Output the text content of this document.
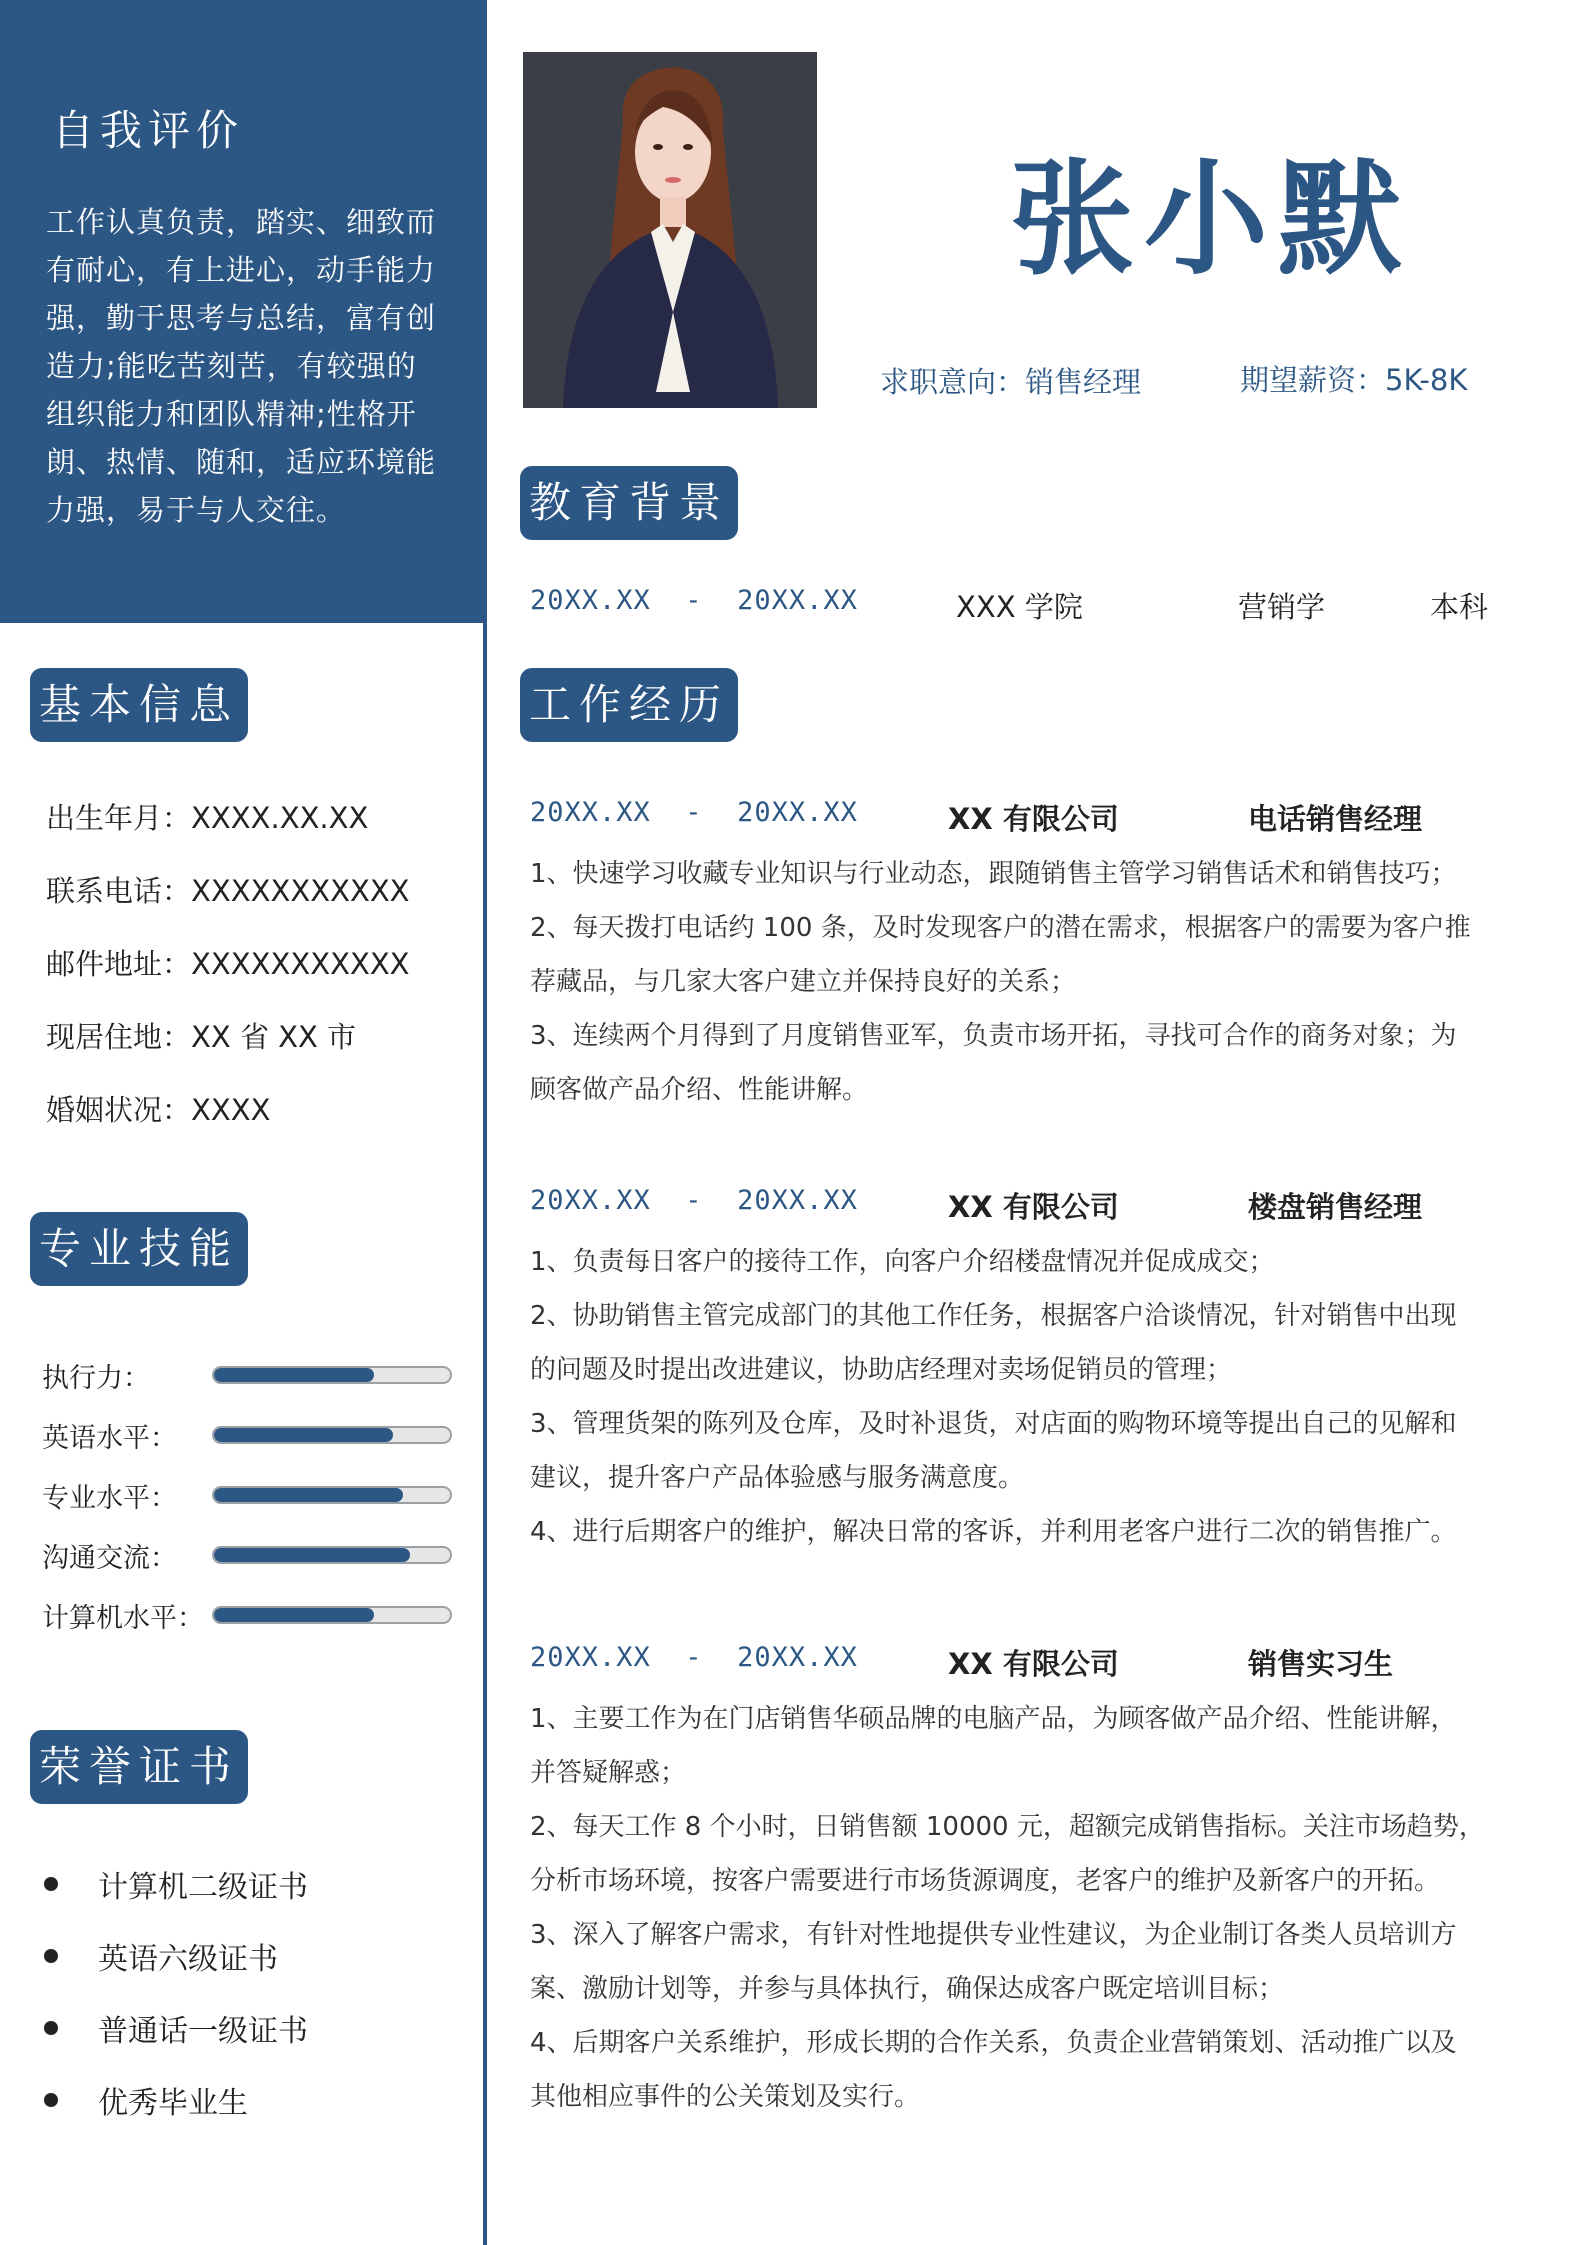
自我评价
工作认真负责，踏实、细致而
有耐心，有上进心，动手能力
强，勤于思考与总结，富有创
造力;能吃苦刻苦，有较强的
组织能力和团队精神;性格开
朗、热情、随和，适应环境能
力强，易于与人交往。
基本信息
出生年月：XXXX.XX.XX
联系电话：XXXXXXXXXXX
邮件地址：XXXXXXXXXXX
现居住地：XX 省 XX 市
婚姻状况：XXXX
专业技能
执行力：
英语水平：
专业水平：
沟通交流：
计算机水平：
荣誉证书
计算机二级证书
英语六级证书
普通话一级证书
优秀毕业生
张小默
求职意向：销售经理	期望薪资：5K-8K
教育背景
20XX.XX  -  20XX.XX	XXX 学院	营销学	本科
工作经历
20XX.XX  -  20XX.XX	XX 有限公司	电话销售经理
1、快速学习收藏专业知识与行业动态，跟随销售主管学习销售话术和销售技巧；
2、每天拨打电话约 100 条，及时发现客户的潜在需求，根据客户的需要为客户推
荐藏品，与几家大客户建立并保持良好的关系；
3、连续两个月得到了月度销售亚军，负责市场开拓，寻找可合作的商务对象；为
顾客做产品介绍、性能讲解。
20XX.XX  -  20XX.XX	XX 有限公司	楼盘销售经理
1、负责每日客户的接待工作，向客户介绍楼盘情况并促成成交；
2、协助销售主管完成部门的其他工作任务，根据客户洽谈情况，针对销售中出现
的问题及时提出改进建议，协助店经理对卖场促销员的管理；
3、管理货架的陈列及仓库，及时补退货，对店面的购物环境等提出自己的见解和
建议，提升客户产品体验感与服务满意度。
4、进行后期客户的维护，解决日常的客诉，并利用老客户进行二次的销售推广。
20XX.XX  -  20XX.XX	XX 有限公司	销售实习生
1、主要工作为在门店销售华硕品牌的电脑产品，为顾客做产品介绍、性能讲解，
并答疑解惑；
2、每天工作 8 个小时，日销售额 10000 元，超额完成销售指标。关注市场趋势，
分析市场环境，按客户需要进行市场货源调度，老客户的维护及新客户的开拓。
3、深入了解客户需求，有针对性地提供专业性建议，为企业制订各类人员培训方
案、激励计划等，并参与具体执行，确保达成客户既定培训目标；
4、后期客户关系维护，形成长期的合作关系，负责企业营销策划、活动推广以及
其他相应事件的公关策划及实行。
